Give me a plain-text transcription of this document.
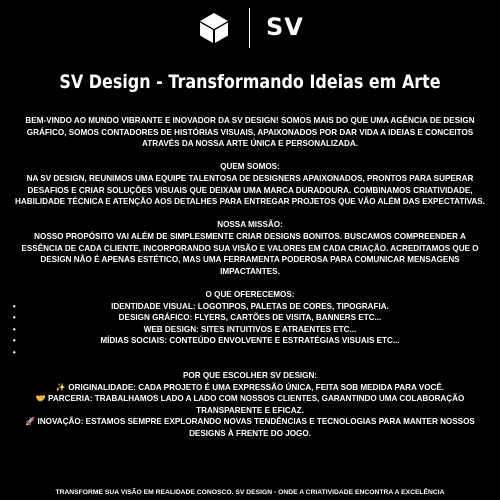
SV
SV Design - Transformando Ideias em Arte
BEM-VINDO AO MUNDO VIBRANTE E INOVADOR DA SV DESIGN! SOMOS MAIS DO QUE UMA AGÊNCIA DE DESIGN
GRÁFICO, SOMOS CONTADORES DE HISTÓRIAS VISUAIS, APAIXONADOS POR DAR VIDA A IDEIAS E CONCEITOS
ATRAVÉS DA NOSSA ARTE ÚNICA E PERSONALIZADA.
QUEM SOMOS:
NA SV DESIGN, REUNIMOS UMA EQUIPE TALENTOSA DE DESIGNERS APAIXONADOS, PRONTOS PARA SUPERAR
DESAFIOS E CRIAR SOLUÇÕES VISUAIS QUE DEIXAM UMA MARCA DURADOURA. COMBINAMOS CRIATIVIDADE,
HABILIDADE TÉCNICA E ATENÇÃO AOS DETALHES PARA ENTREGAR PROJETOS QUE VÃO ALÉM DAS EXPECTATIVAS.
NOSSA MISSÃO:
NOSSO PROPÓSITO VAI ALÉM DE SIMPLESMENTE CRIAR DESIGNS BONITOS. BUSCAMOS COMPREENDER A
ESSÊNCIA DE CADA CLIENTE, INCORPORANDO SUA VISÃO E VALORES EM CADA CRIAÇÃO. ACREDITAMOS QUE O
DESIGN NÃO É APENAS ESTÉTICO, MAS UMA FERRAMENTA PODEROSA PARA COMUNICAR MENSAGENS
IMPACTANTES.
O QUE OFERECEMOS:
•	IDENTIDADE VISUAL: LOGOTIPOS, PALETAS DE CORES, TIPOGRAFIA.
•	DESIGN GRÁFICO: FLYERS, CARTÕES DE VISITA, BANNERS ETC...
•	WEB DESIGN: SITES INTUITIVOS E ATRAENTES ETC...
•	MÍDIAS SOCIAIS: CONTEÚDO ENVOLVENTE E ESTRATÉGIAS VISUAIS ETC...
•

POR QUE ESCOLHER SV DESIGN:
✨ ORIGINALIDADE: CADA PROJETO É UMA EXPRESSÃO ÚNICA, FEITA SOB MEDIDA PARA VOCÊ.
🤝 PARCERIA: TRABALHAMOS LADO A LADO COM NOSSOS CLIENTES, GARANTINDO UMA COLABORAÇÃO
TRANSPARENTE E EFICAZ.
🚀 INOVAÇÃO: ESTAMOS SEMPRE EXPLORANDO NOVAS TENDÊNCIAS E TECNOLOGIAS PARA MANTER NOSSOS
DESIGNS À FRENTE DO JOGO.
TRANSFORME SUA VISÃO EM REALIDADE CONOSCO. SV DESIGN - ONDE A CRIATIVIDADE ENCONTRA A EXCELÊNCIA
